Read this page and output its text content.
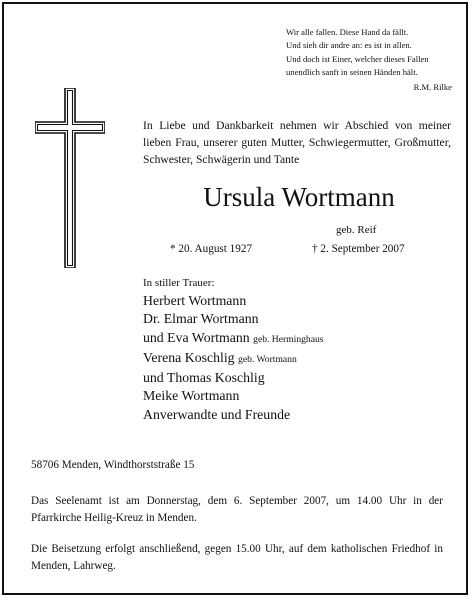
Wir alle fallen. Diese Hand da fällt.
Und sieh dir andre an: es ist in allen.
Und doch ist Einer, welcher dieses Fallen
unendlich sanft in seinen Händen hält.
R.M. Rilke
In Liebe und Dankbarkeit nehmen wir Abschied von meiner lieben Frau, unserer guten Mutter, Schwiegermutter, Großmutter, Schwester, Schwägerin und Tante
Ursula Wortmann
geb. Reif
* 20. August 1927	† 2. September 2007
In stiller Trauer:
Herbert Wortmann
Dr. Elmar Wortmann
und Eva Wortmann geb. Herminghaus
Verena Koschlig geb. Wortmann
und Thomas Koschlig
Meike Wortmann
Anverwandte und Freunde
58706 Menden, Windthorststraße 15
Das Seelenamt ist am Donnerstag, dem 6. September 2007, um 14.00 Uhr in der Pfarrkirche Heilig-Kreuz in Menden.
Die Beisetzung erfolgt anschließend, gegen 15.00 Uhr, auf dem katholischen Friedhof in Menden, Lahrweg.
